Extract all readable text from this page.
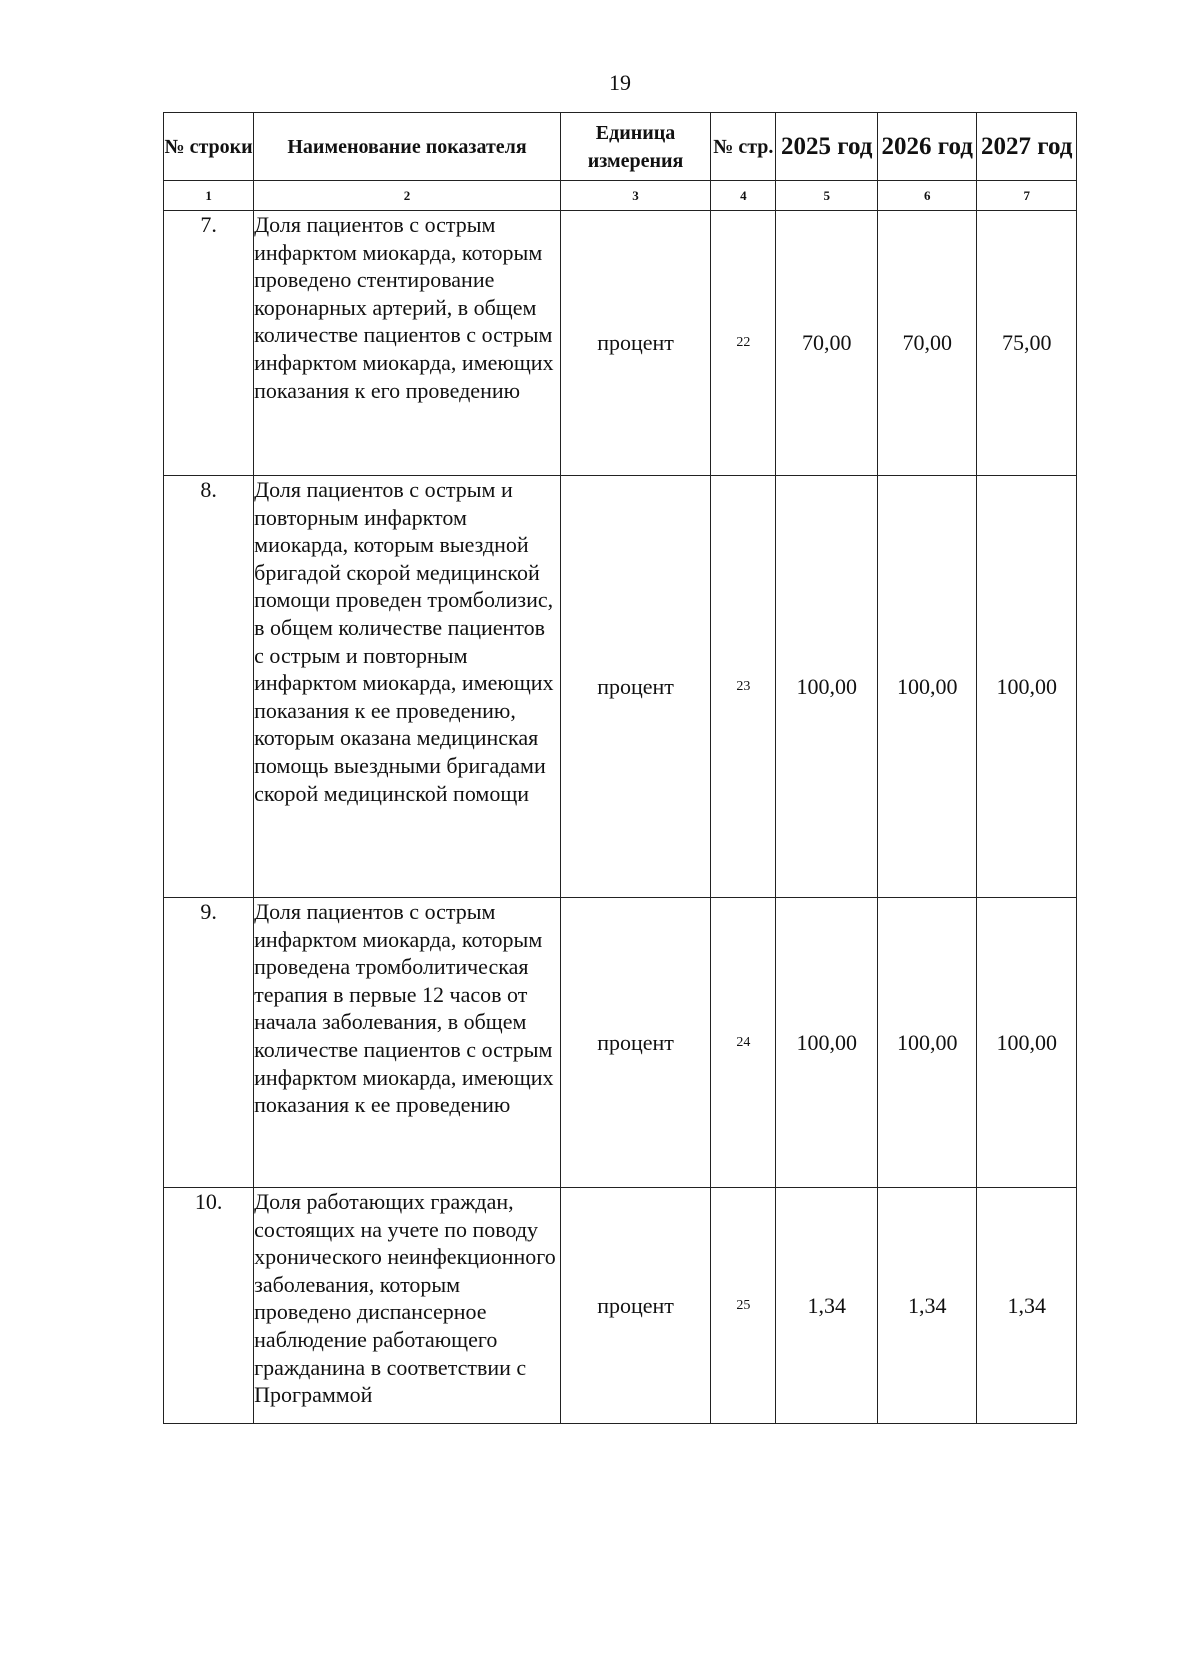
19
№ строки	Наименование показателя	Единица измерения	№ стр.	2025 год	2026 год	2027 год
1	2	3	4	5	6	7
7.	Доля пациентов с острым инфарктом миокарда, которым проведено стентирование коронарных артерий, в общем количестве пациентов с острым инфарктом миокарда, имеющих показания к его проведению	процент	22	70,00	70,00	75,00
8.	Доля пациентов с острым и повторным инфарктом миокарда, которым выездной бригадой скорой медицинской помощи проведен тромболизис, в общем количестве пациентов с острым и повторным инфарктом миокарда, имеющих показания к ее проведению, которым оказана медицинская помощь выездными бригадами скорой медицинской помощи	процент	23	100,00	100,00	100,00
9.	Доля пациентов с острым инфарктом миокарда, которым проведена тромболитическая терапия в первые 12 часов от начала заболевания, в общем количестве пациентов с острым инфарктом миокарда, имеющих показания к ее проведению	процент	24	100,00	100,00	100,00
10.	Доля работающих граждан, состоящих на учете по поводу хронического неинфекционного заболевания, которым проведено диспансерное наблюдение работающего гражданина в соответствии с Программой	процент	25	1,34	1,34	1,34
